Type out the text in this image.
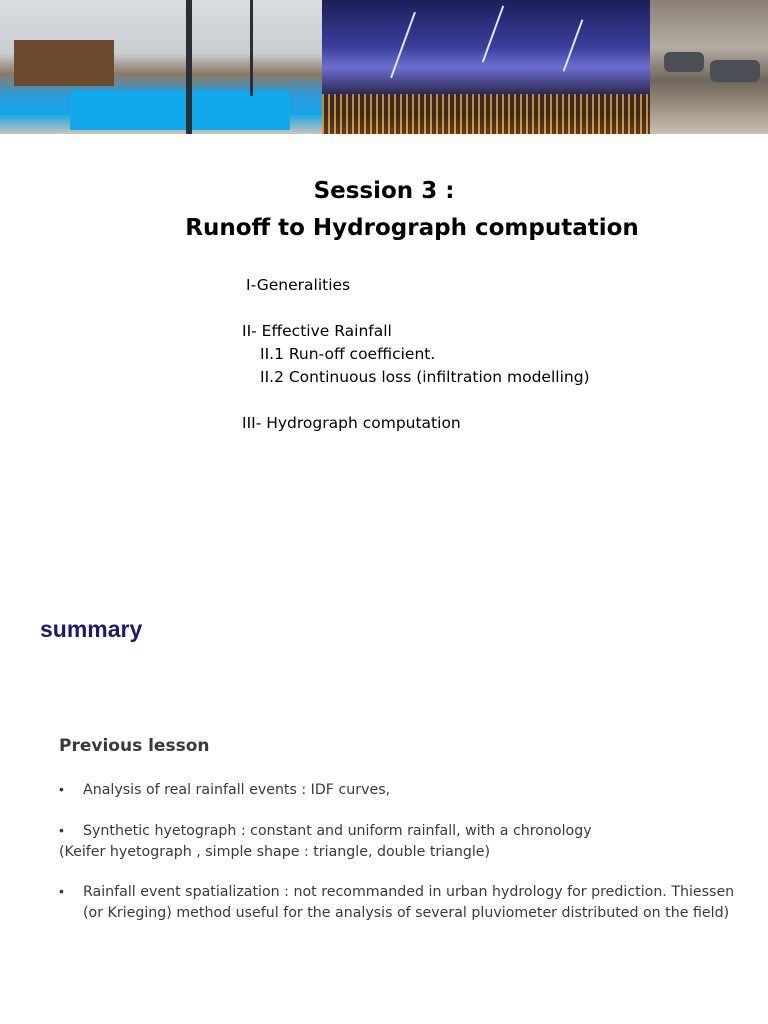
Session 3 :
Runoff to Hydrograph computation
I-Generalities
II- Effective Rainfall
II.1 Run-off coefficient.
II.2 Continuous loss (infiltration modelling)
III- Hydrograph computation
summary
Previous lesson
• Analysis of real rainfall events : IDF curves,
• Synthetic hyetograph : constant and uniform rainfall, with a chronology
(Keifer hyetograph , simple shape : triangle, double triangle)
• Rainfall event spatialization : not recommanded in urban hydrology for prediction. Thiessen
(or Krieging) method useful for the analysis of several pluviometer distributed on the field)
